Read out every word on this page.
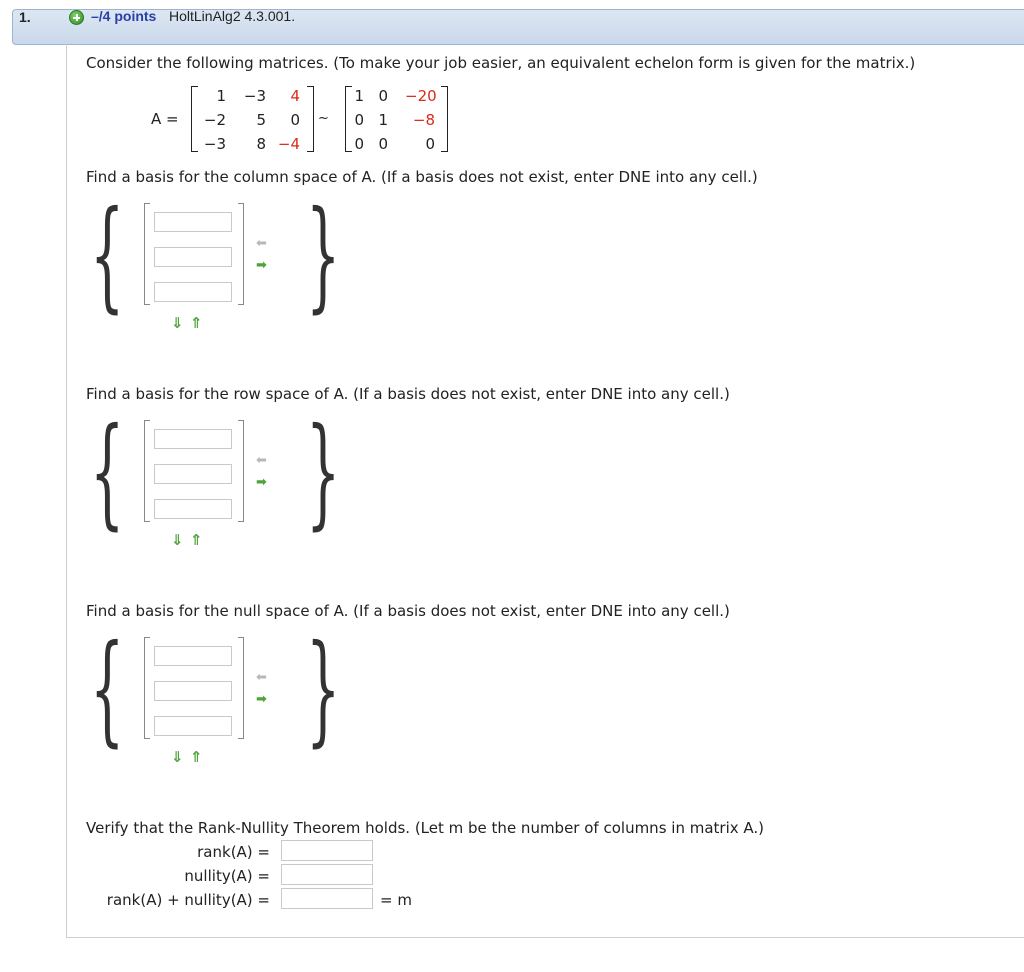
1.	–/4 points HoltLinAlg2 4.3.001.
Consider the following matrices. (To make your job easier, an equivalent echelon form is given for the matrix.)
A =
1	−3	4
−2	5	0
−3	8 −4
~
1 0 −20
0 1	−8
0 0	0
Find a basis for the column space of A. (If a basis does not exist, enter DNE into any cell.)
{ }
⬅
➡
⇓ ⇑
Find a basis for the row space of A. (If a basis does not exist, enter DNE into any cell.)
{ }
⬅
➡
⇓ ⇑
Find a basis for the null space of A. (If a basis does not exist, enter DNE into any cell.)
{ }
⬅
➡
⇓ ⇑
Verify that the Rank-Nullity Theorem holds. (Let m be the number of columns in matrix A.)
rank(A) =
nullity(A) =
rank(A) + nullity(A) =	= m
